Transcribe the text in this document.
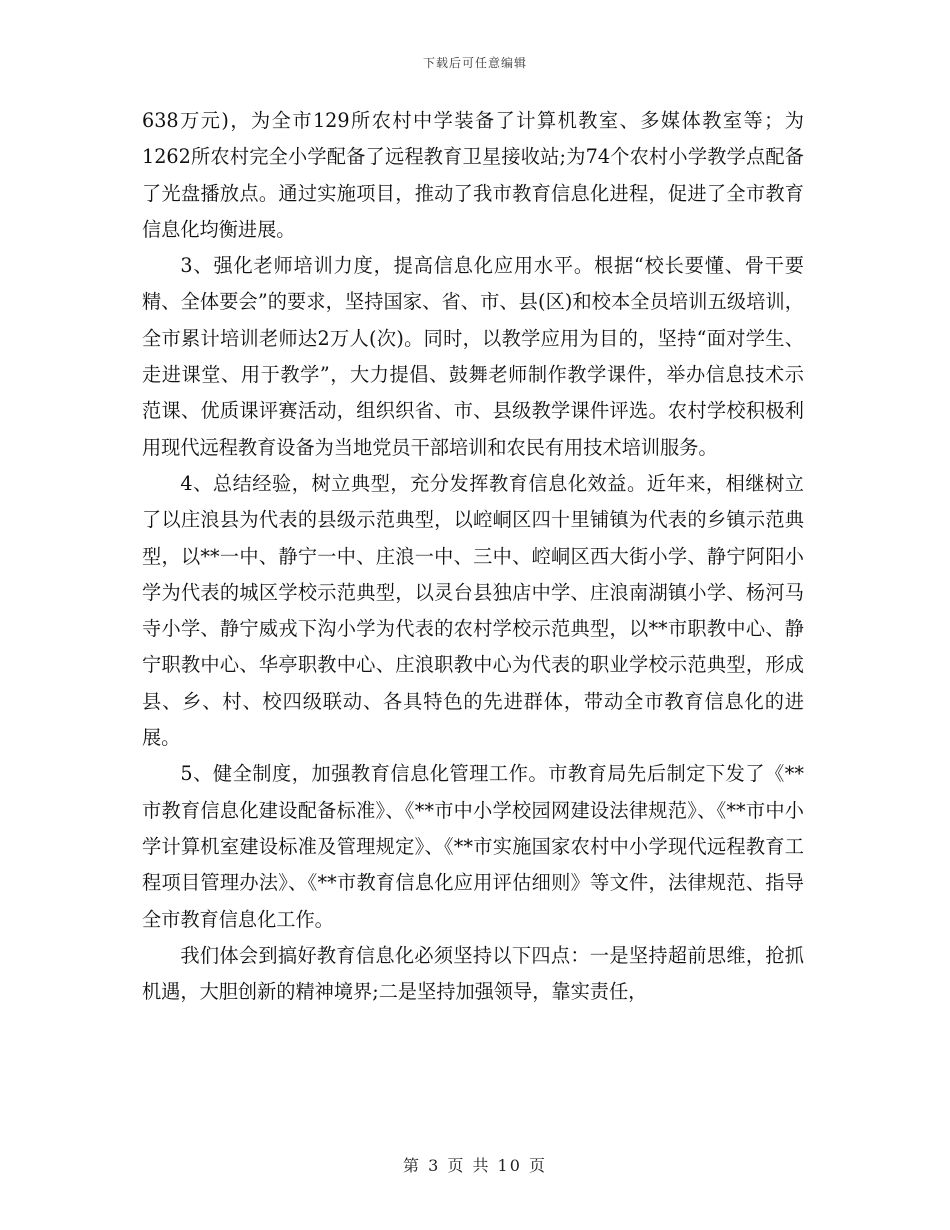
下载后可任意编辑

638万元)，为全市129所农村中学装备了计算机教室、多媒体教室等；为1262所农村完全小学配备了远程教育卫星接收站;为74个农村小学教学点配备了光盘播放点。通过实施项目，推动了我市教育信息化进程，促进了全市教育信息化均衡进展。

3、强化老师培训力度，提高信息化应用水平。根据“校长要懂、骨干要精、全体要会”的要求，坚持国家、省、市、县(区)和校本全员培训五级培训，全市累计培训老师达2万人(次)。同时，以教学应用为目的，坚持“面对学生、走进课堂、用于教学”，大力提倡、鼓舞老师制作教学课件，举办信息技术示范课、优质课评赛活动，组织织省、市、县级教学课件评选。农村学校积极利用现代远程教育设备为当地党员干部培训和农民有用技术培训服务。

4、总结经验，树立典型，充分发挥教育信息化效益。近年来，相继树立了以庄浪县为代表的县级示范典型，以崆峒区四十里铺镇为代表的乡镇示范典型，以**一中、静宁一中、庄浪一中、三中、崆峒区西大街小学、静宁阿阳小学为代表的城区学校示范典型，以灵台县独店中学、庄浪南湖镇小学、杨河马寺小学、静宁威戎下沟小学为代表的农村学校示范典型，以**市职教中心、静宁职教中心、华亭职教中心、庄浪职教中心为代表的职业学校示范典型，形成县、乡、村、校四级联动、各具特色的先进群体，带动全市教育信息化的进展。

5、健全制度，加强教育信息化管理工作。市教育局先后制定下发了《**市教育信息化建设配备标准》、《**市中小学校园网建设法律规范》、《**市中小学计算机室建设标准及管理规定》、《**市实施国家农村中小学现代远程教育工程项目管理办法》、《**市教育信息化应用评估细则》等文件，法律规范、指导全市教育信息化工作。

我们体会到搞好教育信息化必须坚持以下四点：一是坚持超前思维，抢抓机遇，大胆创新的精神境界;二是坚持加强领导，靠实责任，

第 3 页 共 10 页
